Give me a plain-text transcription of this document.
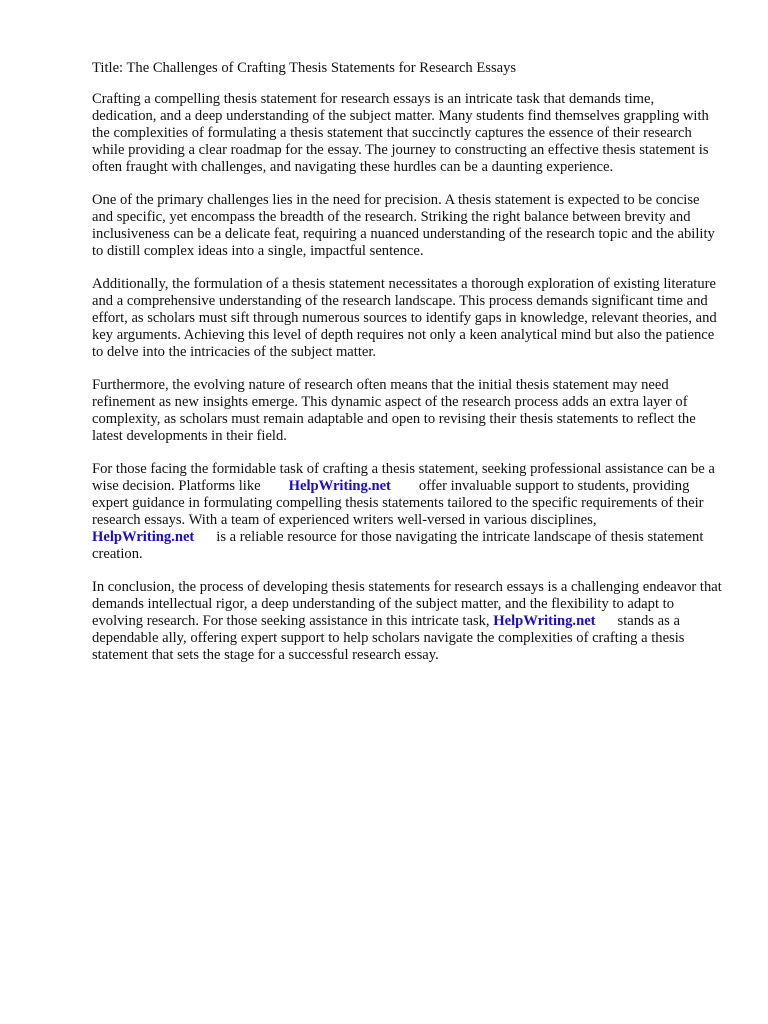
Title: The Challenges of Crafting Thesis Statements for Research Essays

Crafting a compelling thesis statement for research essays is an intricate task that demands time, dedication, and a deep understanding of the subject matter. Many students find themselves grappling with the complexities of formulating a thesis statement that succinctly captures the essence of their research while providing a clear roadmap for the essay. The journey to constructing an effective thesis statement is often fraught with challenges, and navigating these hurdles can be a daunting experience.

One of the primary challenges lies in the need for precision. A thesis statement is expected to be concise and specific, yet encompass the breadth of the research. Striking the right balance between brevity and inclusiveness can be a delicate feat, requiring a nuanced understanding of the research topic and the ability to distill complex ideas into a single, impactful sentence.

Additionally, the formulation of a thesis statement necessitates a thorough exploration of existing literature and a comprehensive understanding of the research landscape. This process demands significant time and effort, as scholars must sift through numerous sources to identify gaps in knowledge, relevant theories, and key arguments. Achieving this level of depth requires not only a keen analytical mind but also the patience to delve into the intricacies of the subject matter.

Furthermore, the evolving nature of research often means that the initial thesis statement may need refinement as new insights emerge. This dynamic aspect of the research process adds an extra layer of complexity, as scholars must remain adaptable and open to revising their thesis statements to reflect the latest developments in their field.

For those facing the formidable task of crafting a thesis statement, seeking professional assistance can be a wise decision. Platforms like HelpWriting.net offer invaluable support to students, providing expert guidance in formulating compelling thesis statements tailored to the specific requirements of their research essays. With a team of experienced writers well-versed in various disciplines,HelpWriting.net is a reliable resource for those navigating the intricate landscape of thesis statement creation.

In conclusion, the process of developing thesis statements for research essays is a challenging endeavor that demands intellectual rigor, a deep understanding of the subject matter, and the flexibility to adapt to evolving research. For those seeking assistance in this intricate task, HelpWriting.net stands as a dependable ally, offering expert support to help scholars navigate the complexities of crafting a thesis statement that sets the stage for a successful research essay.
